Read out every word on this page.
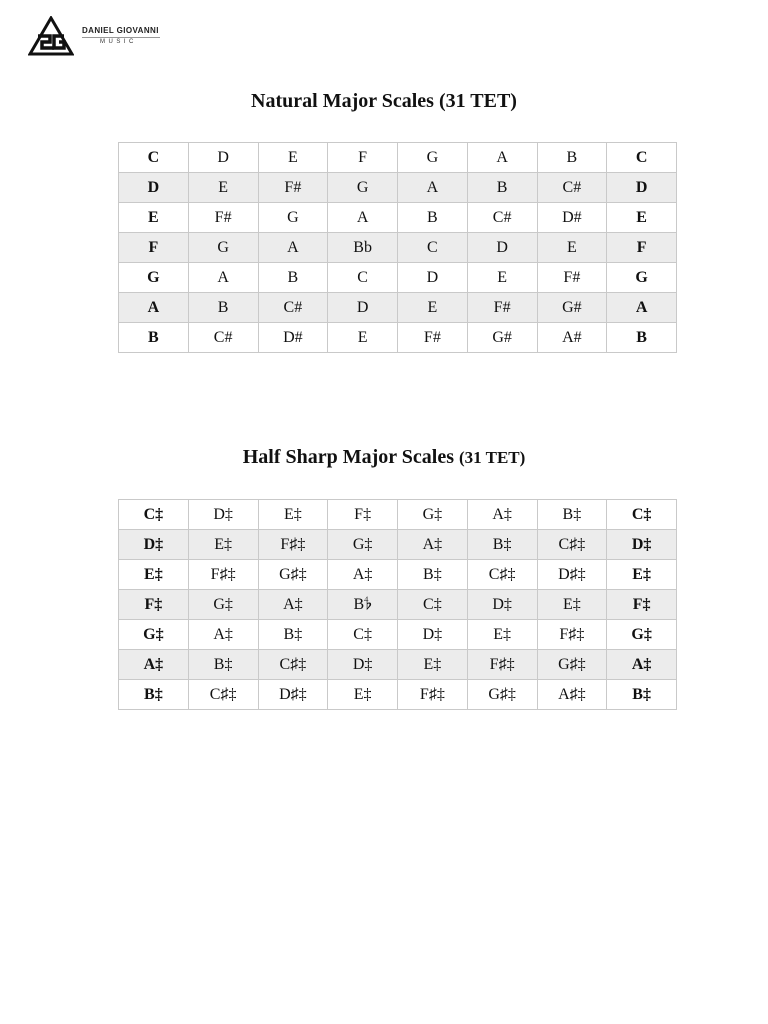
DANIEL GIOVANNI
MUSIC
Natural Major Scales (31 TET)
C	D	E	F	G	A	B	C
D	E	F#	G	A	B	C#	D
E	F#	G	A	B	C#	D#	E
F	G	A	Bb	C	D	E	F
G	A	B	C	D	E	F#	G
A	B	C#	D	E	F#	G#	A
B	C#	D#	E	F#	G#	A#	B
Half Sharp Major Scales (31 TET)
C‡	D‡	E‡	F‡	G‡	A‡	B‡	C‡
D‡	E‡	F♯‡	G‡	A‡	B‡	C♯‡	D‡
E‡	F♯‡	G♯‡	A‡	B‡	C♯‡	D♯‡	E‡
F‡	G‡	A‡	B𝄳	C‡	D‡	E‡	F‡
G‡	A‡	B‡	C‡	D‡	E‡	F♯‡	G‡
A‡	B‡	C♯‡	D‡	E‡	F♯‡	G♯‡	A‡
B‡	C♯‡	D♯‡	E‡	F♯‡	G♯‡	A♯‡	B‡
